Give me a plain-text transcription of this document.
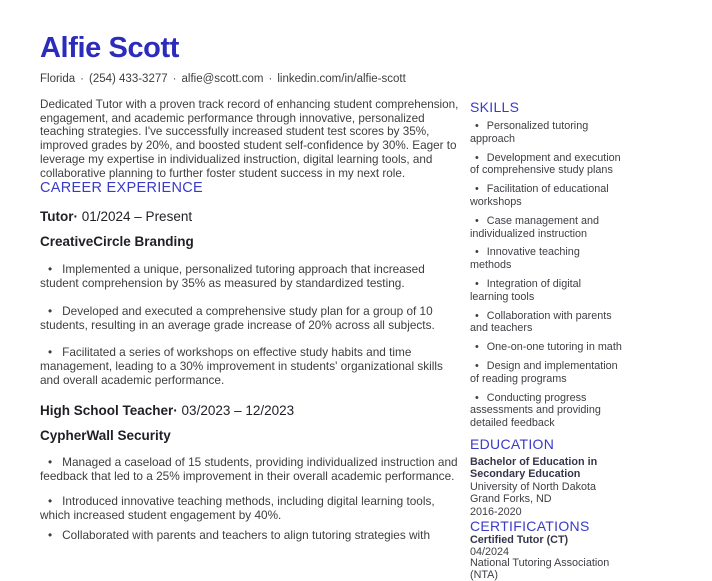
Alfie Scott
Florida · (254) 433-3277 · alfie@scott.com · linkedin.com/in/alfie-scott

Dedicated Tutor with a proven track record of enhancing student comprehension, engagement, and academic performance through innovative, personalized teaching strategies. I've successfully increased student test scores by 35%, improved grades by 20%, and boosted student self-confidence by 30%. Eager to leverage my expertise in individualized instruction, digital learning tools, and collaborative planning to further foster student success in my next role.

CAREER EXPERIENCE
Tutor· 01/2024 – Present
CreativeCircle Branding

• Implemented a unique, personalized tutoring approach that increased student comprehension by 35% as measured by standardized testing.

• Developed and executed a comprehensive study plan for a group of 10 students, resulting in an average grade increase of 20% across all subjects.

• Facilitated a series of workshops on effective study habits and time management, leading to a 30% improvement in students' organizational skills and overall academic performance.

High School Teacher· 03/2023 – 12/2023
CypherWall Security

• Managed a caseload of 15 students, providing individualized instruction and feedback that led to a 25% improvement in their overall academic performance.

• Introduced innovative teaching methods, including digital learning tools, which increased student engagement by 40%.

• Collaborated with parents and teachers to align tutoring strategies with

SKILLS

• Personalized tutoring approach

• Development and execution of comprehensive study plans

• Facilitation of educational workshops

• Case management and individualized instruction

• Innovative teaching methods

• Integration of digital learning tools

• Collaboration with parents and teachers

• One-on-one tutoring in math

• Design and implementation of reading programs

• Conducting progress assessments and providing detailed feedback

EDUCATION

Bachelor of Education in Secondary Education

University of North Dakota

Grand Forks, ND

2016-2020

CERTIFICATIONS

Certified Tutor (CT)

04/2024

National Tutoring Association (NTA)
